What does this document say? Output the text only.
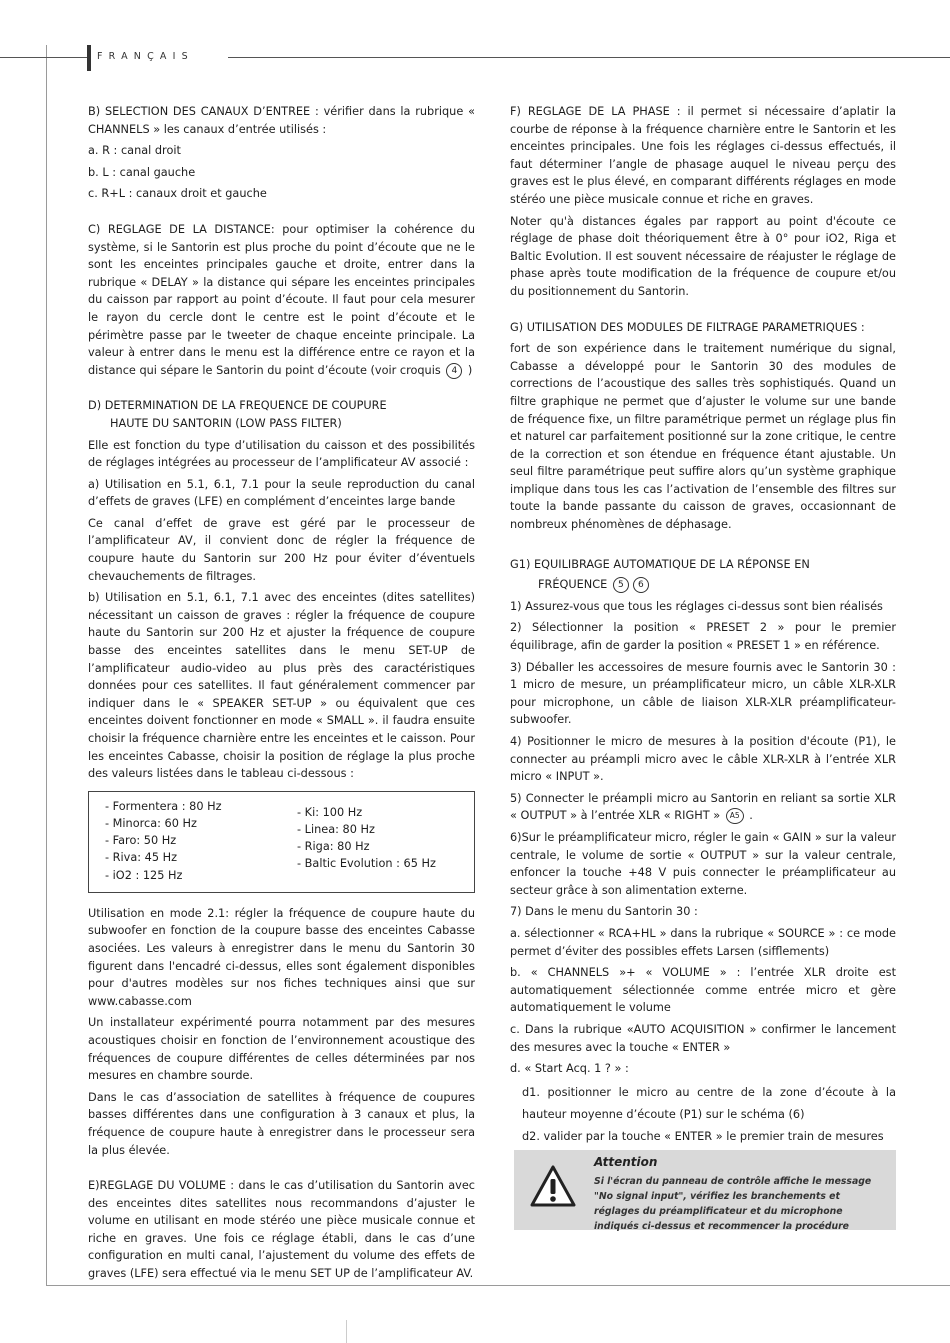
FRANÇAIS

B) SELECTION DES CANAUX D’ENTREE : vérifier dans la rubrique « CHANNELS » les canaux d’entrée utilisés :

a. R : canal droit

b. L : canal gauche

c. R+L : canaux droit et gauche

C) REGLAGE DE LA DISTANCE: pour optimiser la cohérence du système, si le Santorin est plus proche du point d’écoute que ne le sont les enceintes principales gauche et droite, entrer dans la rubrique « DELAY » la distance qui sépare les enceintes principales du caisson par rapport au point d’écoute. Il faut pour cela mesurer le rayon du cercle dont le centre est le point d’écoute et le périmètre passe par le tweeter de chaque enceinte principale. La valeur à entrer dans le menu est la différence entre ce rayon et la distance qui sépare le Santorin du point d’écoute (voir croquis 4 )

D) DETERMINATION DE LA FREQUENCE DE COUPURE

HAUTE DU SANTORIN (LOW PASS FILTER)

Elle est fonction du type d’utilisation du caisson et des possibilités de réglages intégrées au processeur de l’amplificateur AV associé :

a) Utilisation en 5.1, 6.1, 7.1 pour la seule reproduction du canal d’effets de graves (LFE) en complément d’enceintes large bande

Ce canal d’effet de grave est géré par le processeur de l’amplificateur AV, il convient donc de régler la fréquence de coupure haute du Santorin sur 200 Hz pour éviter d’éventuels chevauchements de filtrages.

b) Utilisation en 5.1, 6.1, 7.1 avec des enceintes (dites satellites) nécessitant un caisson de graves : régler la fréquence de coupure haute du Santorin sur 200 Hz et ajuster la fréquence de coupure basse des enceintes satellites dans le menu SET-UP de l’amplificateur audio-video au plus près des caractéristiques données pour ces satellites. Il faut généralement commencer par indiquer dans le « SPEAKER SET-UP » ou équivalent que ces enceintes doivent fonctionner en mode « SMALL ». il faudra ensuite choisir la fréquence charnière entre les enceintes et le caisson. Pour les enceintes Cabasse, choisir la position de réglage la plus proche des valeurs listées dans le tableau ci-dessous :

- Formentera : 80 Hz
- Minorca: 60 Hz
- Faro: 50 Hz
- Riva: 45 Hz
- iO2 : 125 Hz
- Ki: 100 Hz
- Linea: 80 Hz
- Riga: 80 Hz
- Baltic Evolution : 65 Hz

Utilisation en mode 2.1: régler la fréquence de coupure haute du subwoofer en fonction de la coupure basse des enceintes Cabasse asociées. Les valeurs à enregistrer dans le menu du Santorin 30 figurent dans l'encadré ci-dessus, elles sont également disponibles pour d'autres modèles sur nos fiches techniques ainsi que sur www.cabasse.com

Un installateur expérimenté pourra notamment par des mesures acoustiques choisir en fonction de l’environnement acoustique des fréquences de coupure différentes de celles déterminées par nos mesures en chambre sourde.

Dans le cas d’association de satellites à fréquence de coupures basses différentes dans une configuration à 3 canaux et plus, la fréquence de coupure haute à enregistrer dans le processeur sera la plus élevée.

E)REGLAGE DU VOLUME : dans le cas d’utilisation du Santorin avec des enceintes dites satellites nous recommandons d’ajuster le volume en utilisant en mode stéréo une pièce musicale connue et riche en graves. Une fois ce réglage établi, dans le cas d’une configuration en multi canal, l’ajustement du volume des effets de graves (LFE) sera effectué via le menu SET UP de l’amplificateur AV.

F) REGLAGE DE LA PHASE : il permet si nécessaire d’aplatir la courbe de réponse à la fréquence charnière entre le Santorin et les enceintes principales. Une fois les réglages ci-dessus effectués, il faut déterminer l’angle de phasage auquel le niveau perçu des graves est le plus élevé, en comparant différents réglages en mode stéréo une pièce musicale connue et riche en graves.

Noter qu'à distances égales par rapport au point d'écoute ce réglage de phase doit théoriquement être à 0° pour iO2, Riga et Baltic Evolution. Il est souvent nécessaire de réajuster le réglage de phase après toute modification de la fréquence de coupure et/ou du positionnement du Santorin.

G) UTILISATION DES MODULES DE FILTRAGE PARAMETRIQUES :

fort de son expérience dans le traitement numérique du signal, Cabasse a développé pour le Santorin 30 des modules de corrections de l’acoustique des salles très sophistiqués. Quand un filtre graphique ne permet que d’ajuster le volume sur une bande de fréquence fixe, un filtre paramétrique permet un réglage plus fin et naturel car parfaitement positionné sur la zone critique, le centre de la correction et son étendue en fréquence étant ajustable. Un seul filtre paramétrique peut suffire alors qu’un système graphique implique dans tous les cas l’activation de l’ensemble des filtres sur toute la bande passante du caisson de graves, occasionnant de nombreux phénomènes de déphasage.

G1) EQUILIBRAGE AUTOMATIQUE DE LA RÉPONSE EN

FRÉQUENCE 5 6

1) Assurez-vous que tous les réglages ci-dessus sont bien réalisés

2) Sélectionner la position « PRESET 2 » pour le premier équilibrage, afin de garder la position « PRESET 1 » en référence.

3) Déballer les accessoires de mesure fournis avec le Santorin 30 : 1 micro de mesure, un préamplificateur micro, un câble XLR-XLR pour microphone, un câble de liaison XLR-XLR préamplificateur-subwoofer.

4) Positionner le micro de mesures à la position d'écoute (P1), le connecter au préampli micro avec le câble XLR-XLR à l’entrée XLR micro « INPUT ».

5) Connecter le préampli micro au Santorin en reliant sa sortie XLR « OUTPUT » à l’entrée XLR « RIGHT » A5 .

6)Sur le préamplificateur micro, régler le gain « GAIN » sur la valeur centrale, le volume de sortie « OUTPUT » sur la valeur centrale, enfoncer la touche +48 V puis connecter le préamplificateur au secteur grâce à son alimentation externe.

7) Dans le menu du Santorin 30 :

a. sélectionner « RCA+HL » dans la rubrique « SOURCE » : ce mode permet d’éviter des possibles effets Larsen (sifflements)

b. « CHANNELS »+ « VOLUME » : l’entrée XLR droite est automatiquement sélectionnée comme entrée micro et gère automatiquement le volume

c. Dans la rubrique «AUTO ACQUISITION » confirmer le lancement des mesures avec la touche « ENTER »

d. « Start Acq. 1 ? » :

d1. positionner le micro au centre de la zone d’écoute à la hauteur moyenne d’écoute (P1) sur le schéma (6)

d2. valider par la touche « ENTER » le premier train de mesures

Attention
Si l'écran du panneau de contrôle affiche le message "No signal input", vérifiez les branchements et réglages du préamplificateur et du microphone indiqués ci-dessus et recommencer la procédure
